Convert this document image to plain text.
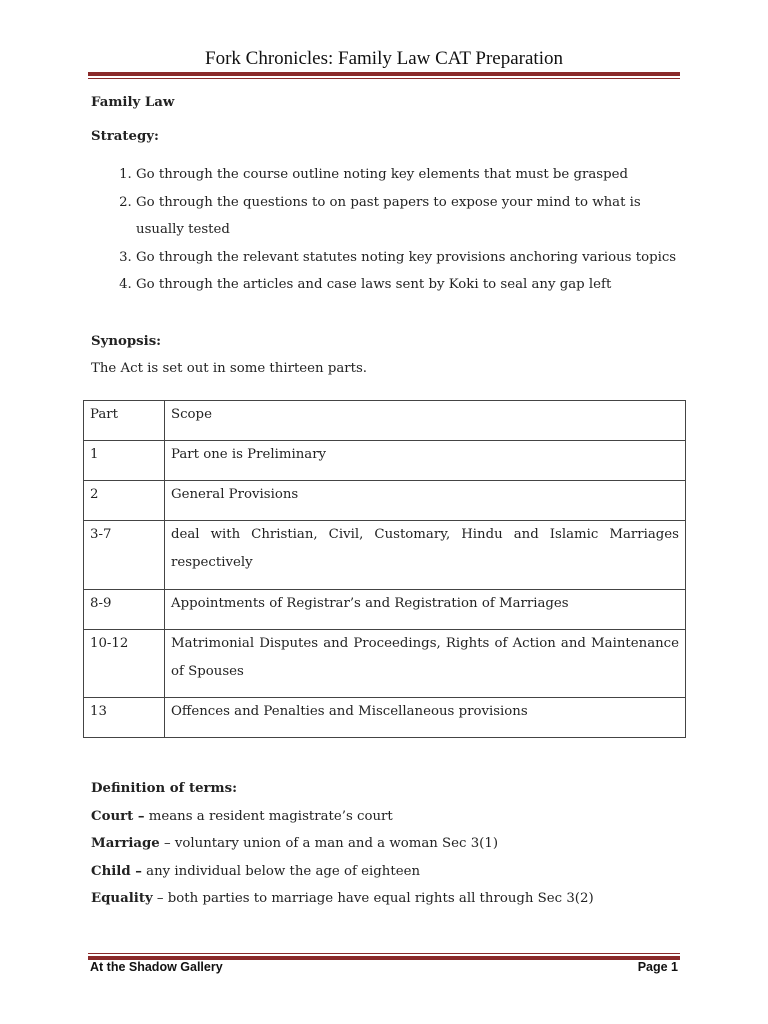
Fork Chronicles: Family Law CAT Preparation
Family Law
Strategy:
1. Go through the course outline noting key elements that must be grasped
2. Go through the questions to on past papers to expose your mind to what is usually tested
3. Go through the relevant statutes noting key provisions anchoring various topics
4. Go through the articles and case laws sent by Koki to seal any gap left
Synopsis:
The Act is set out in some thirteen parts.
Part	Scope
1	Part one is Preliminary
2	General Provisions
3-7	deal with Christian, Civil, Customary, Hindu and Islamic Marriages respectively
8-9	Appointments of Registrar’s and Registration of Marriages
10-12	Matrimonial Disputes and Proceedings, Rights of Action and Maintenance of Spouses
13	Offences and Penalties and Miscellaneous provisions
Definition of terms:
Court – means a resident magistrate’s court
Marriage – voluntary union of a man and a woman Sec 3(1)
Child – any individual below the age of eighteen
Equality – both parties to marriage have equal rights all through Sec 3(2)
At the Shadow Gallery	Page 1
